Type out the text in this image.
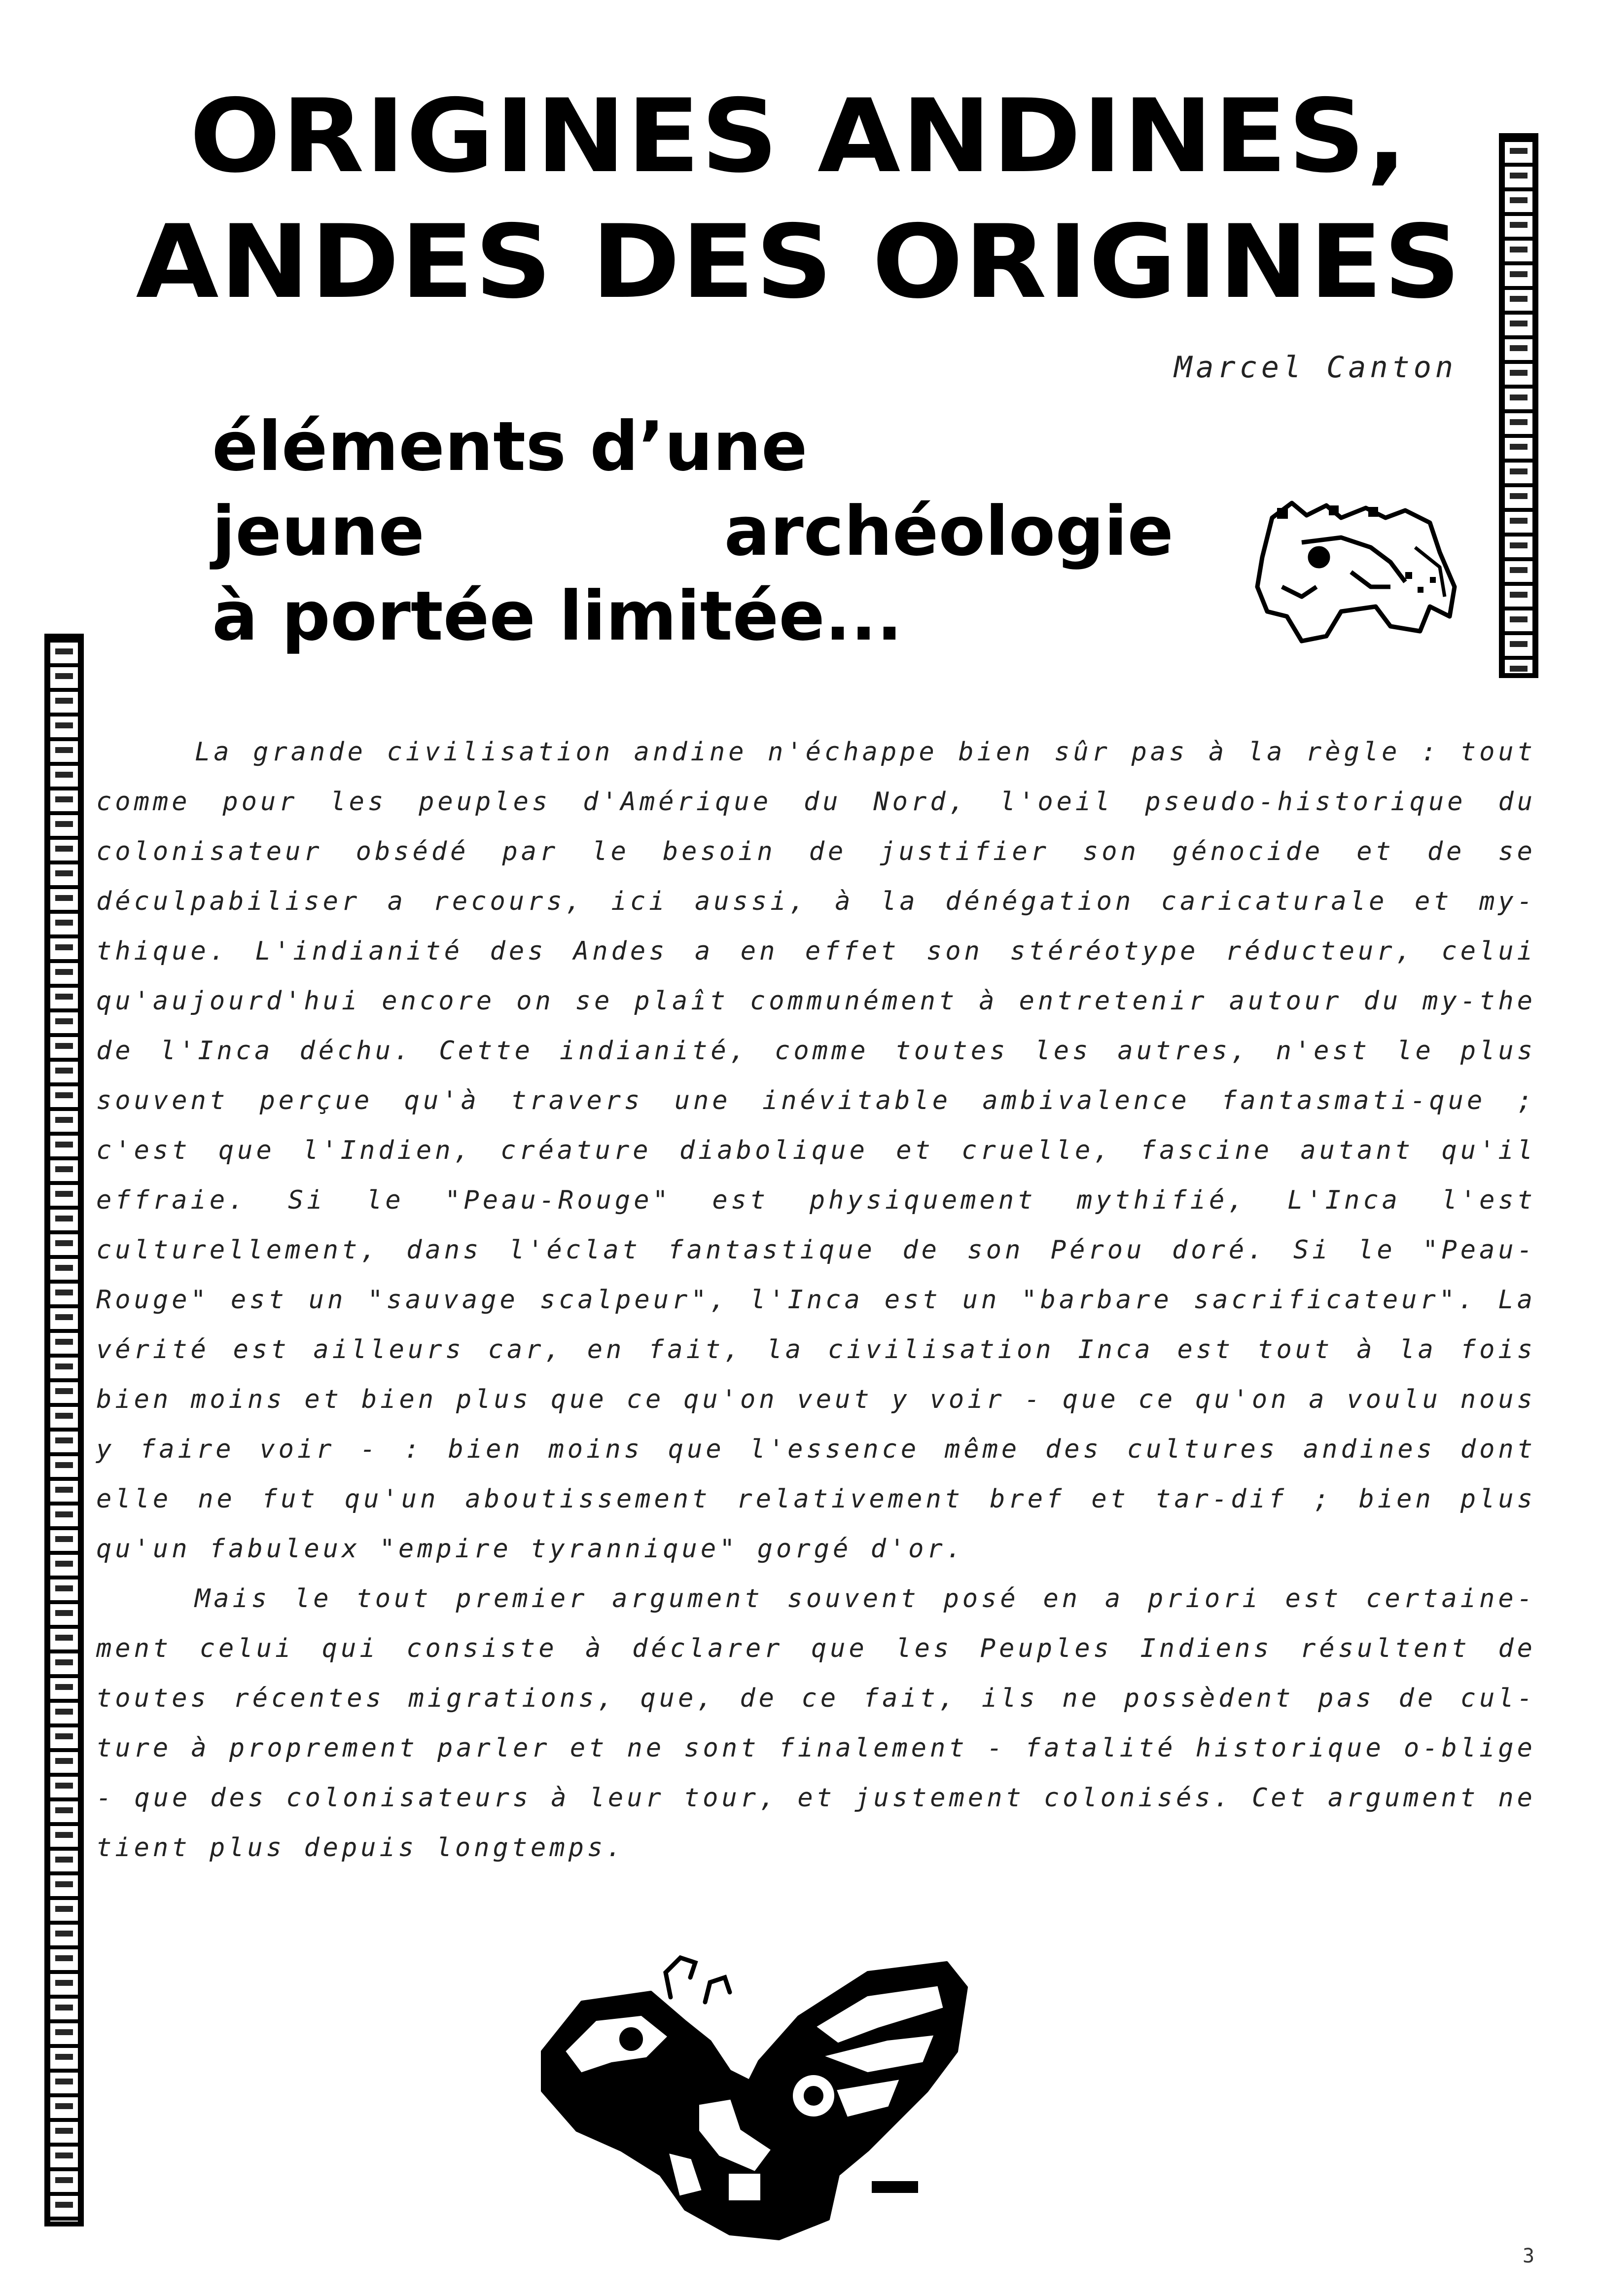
ORIGINES ANDINES,
ANDES DES ORIGINES
Marcel Canton
éléments d’une
jeune	archéologie
à portée limitée...

La grande civilisation andine n'échappe bien sûr pas à la règle : tout comme pour les peuples d'Amérique du Nord, l'oeil pseudo-historique du colonisateur obsédé par le besoin de justifier son génocide et de se déculpabiliser a recours, ici aussi, à la dénégation caricaturale et my-thique. L'indianité des Andes a en effet son stéréotype réducteur, celui qu'aujourd'hui encore on se plaît communément à entretenir autour du my-the de l'Inca déchu. Cette indianité, comme toutes les autres, n'est le plus souvent perçue qu'à travers une inévitable ambivalence fantasmati-que ; c'est que l'Indien, créature diabolique et cruelle, fascine autant qu'il effraie. Si le "Peau-Rouge" est physiquement mythifié, L'Inca l'est culturellement, dans l'éclat fantastique de son Pérou doré. Si le "Peau-Rouge" est un "sauvage scalpeur", l'Inca est un "barbare sacrificateur". La vérité est ailleurs car, en fait, la civilisation Inca est tout à la fois bien moins et bien plus que ce qu'on veut y voir - que ce qu'on a voulu nous y faire voir - : bien moins que l'essence même des cultures andines dont elle ne fut qu'un aboutissement relativement bref et tar-dif ; bien plus qu'un fabuleux "empire tyrannique" gorgé d'or.

Mais le tout premier argument souvent posé en a priori est certaine-ment celui qui consiste à déclarer que les Peuples Indiens résultent de toutes récentes migrations, que, de ce fait, ils ne possèdent pas de cul-ture à proprement parler et ne sont finalement - fatalité historique o-blige - que des colonisateurs à leur tour, et justement colonisés. Cet argument ne tient plus depuis longtemps.

3
